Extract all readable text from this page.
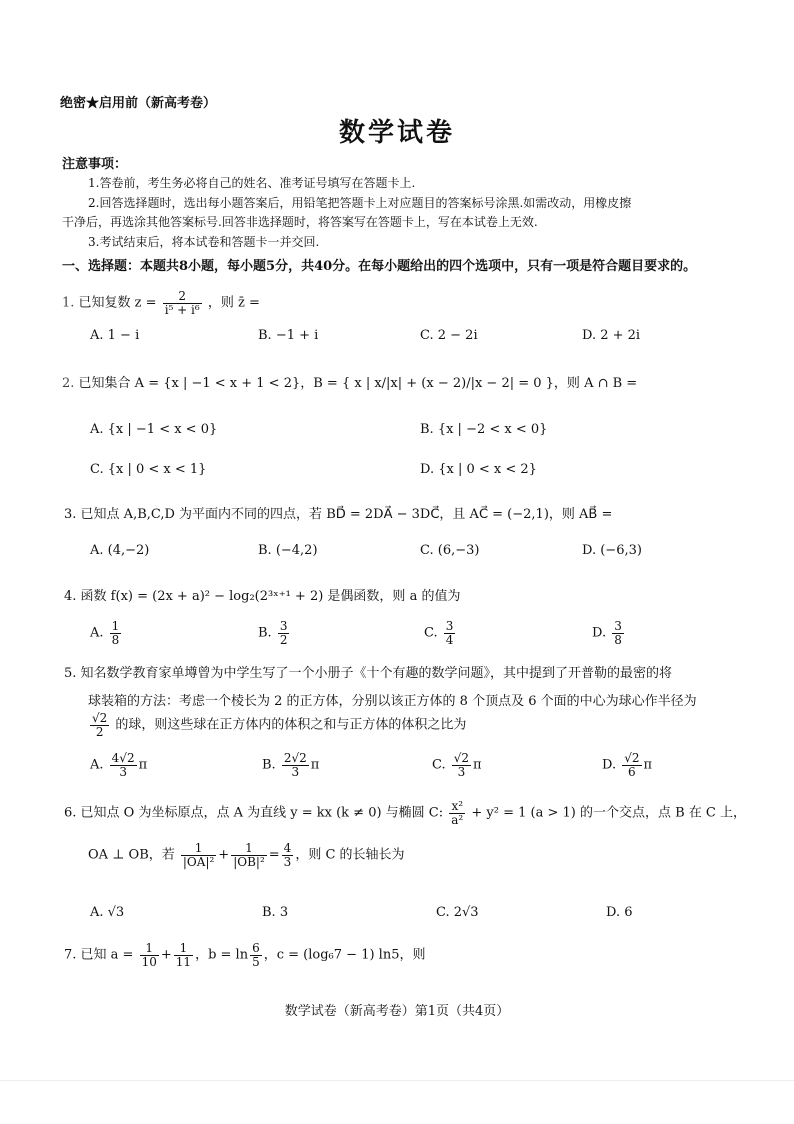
绝密★启用前（新高考卷）
数学试卷
注意事项：
1.答卷前，考生务必将自己的姓名、准考证号填写在答题卡上.
2.回答选择题时，选出每小题答案后，用铅笔把答题卡上对应题目的答案标号涂黑.如需改动，用橡皮擦
干净后，再选涂其他答案标号.回答非选择题时，将答案写在答题卡上，写在本试卷上无效.
3.考试结束后，将本试卷和答题卡一并交回.
一、选择题：本题共8小题，每小题5分，共40分。在每小题给出的四个选项中，只有一项是符合题目要求的。
1. 已知复数 $z = \frac{2}{\text{i⁵ + i⁶}}$ ，则 z̄ =
A. 1 − i	B. −1 + i	C. 2 − 2i	D. 2 + 2i
2. 已知集合 A = {x | −1 < x + 1 < 2}，B = { x | x/|x| + (x − 2)/|x − 2| = 0 }，则 A ∩ B =
A. {x | −1 < x < 0}	B. {x | −2 < x < 0}
C. {x | 0 < x < 1}	D. {x | 0 < x < 2}
3. 已知点 A,B,C,D 为平面内不同的四点，若 BD⃗ = 2DA⃗ − 3DC⃗，且 AC⃗ = (−2,1)，则 AB⃗ =
A. (4,−2)	B. (−4,2)	C. (6,−3)	D. (−6,3)
4. 函数 f(x) = (2x + a)² − log₂(2³ˣ⁺¹ + 2) 是偶函数，则 a 的值为
A. $\frac{1}{8}$	B. $\frac{3}{2}$	C. $\frac{3}{4}$	D. $\frac{3}{8}$
5. 知名数学教育家单墫曾为中学生写了一个小册子《十个有趣的数学问题》，其中提到了开普勒的最密的将
球装箱的方法：考虑一个棱长为 2 的正方体，分别以该正方体的 8 个顶点及 6 个面的中心为球心作半径为
$\frac{√2}{2}$ 的球，则这些球在正方体内的体积之和与正方体的体积之比为
A. $\frac{4√2}{3}$ π	B. $\frac{2√2}{3}$ π	C. $\frac{√2}{3}$ π	D. $\frac{√2}{6}$ π
6. 已知点 O 为坐标原点，点 A 为直线 y = kx (k ≠ 0) 与椭圆 C: $\frac{\text{x²}}{\text{a²}} + y^2 = 1$ (a > 1) 的一个交点，点 B 在 C 上，
OA ⊥ OB，若 $\frac{1}{\text{|OA|²}} + \frac{1}{\text{|OB|²}} = \frac{4}{3}$ ，则 C 的长轴长为
A. √3	B. 3	C. 2√3	D. 6
7. 已知 $a = \frac{1}{10} + \frac{1}{11}$ ，$b = \ln \frac{6}{5}$ ，c = (log₆7 − 1) ln5，则
数学试卷（新高考卷）第1页（共4页）
